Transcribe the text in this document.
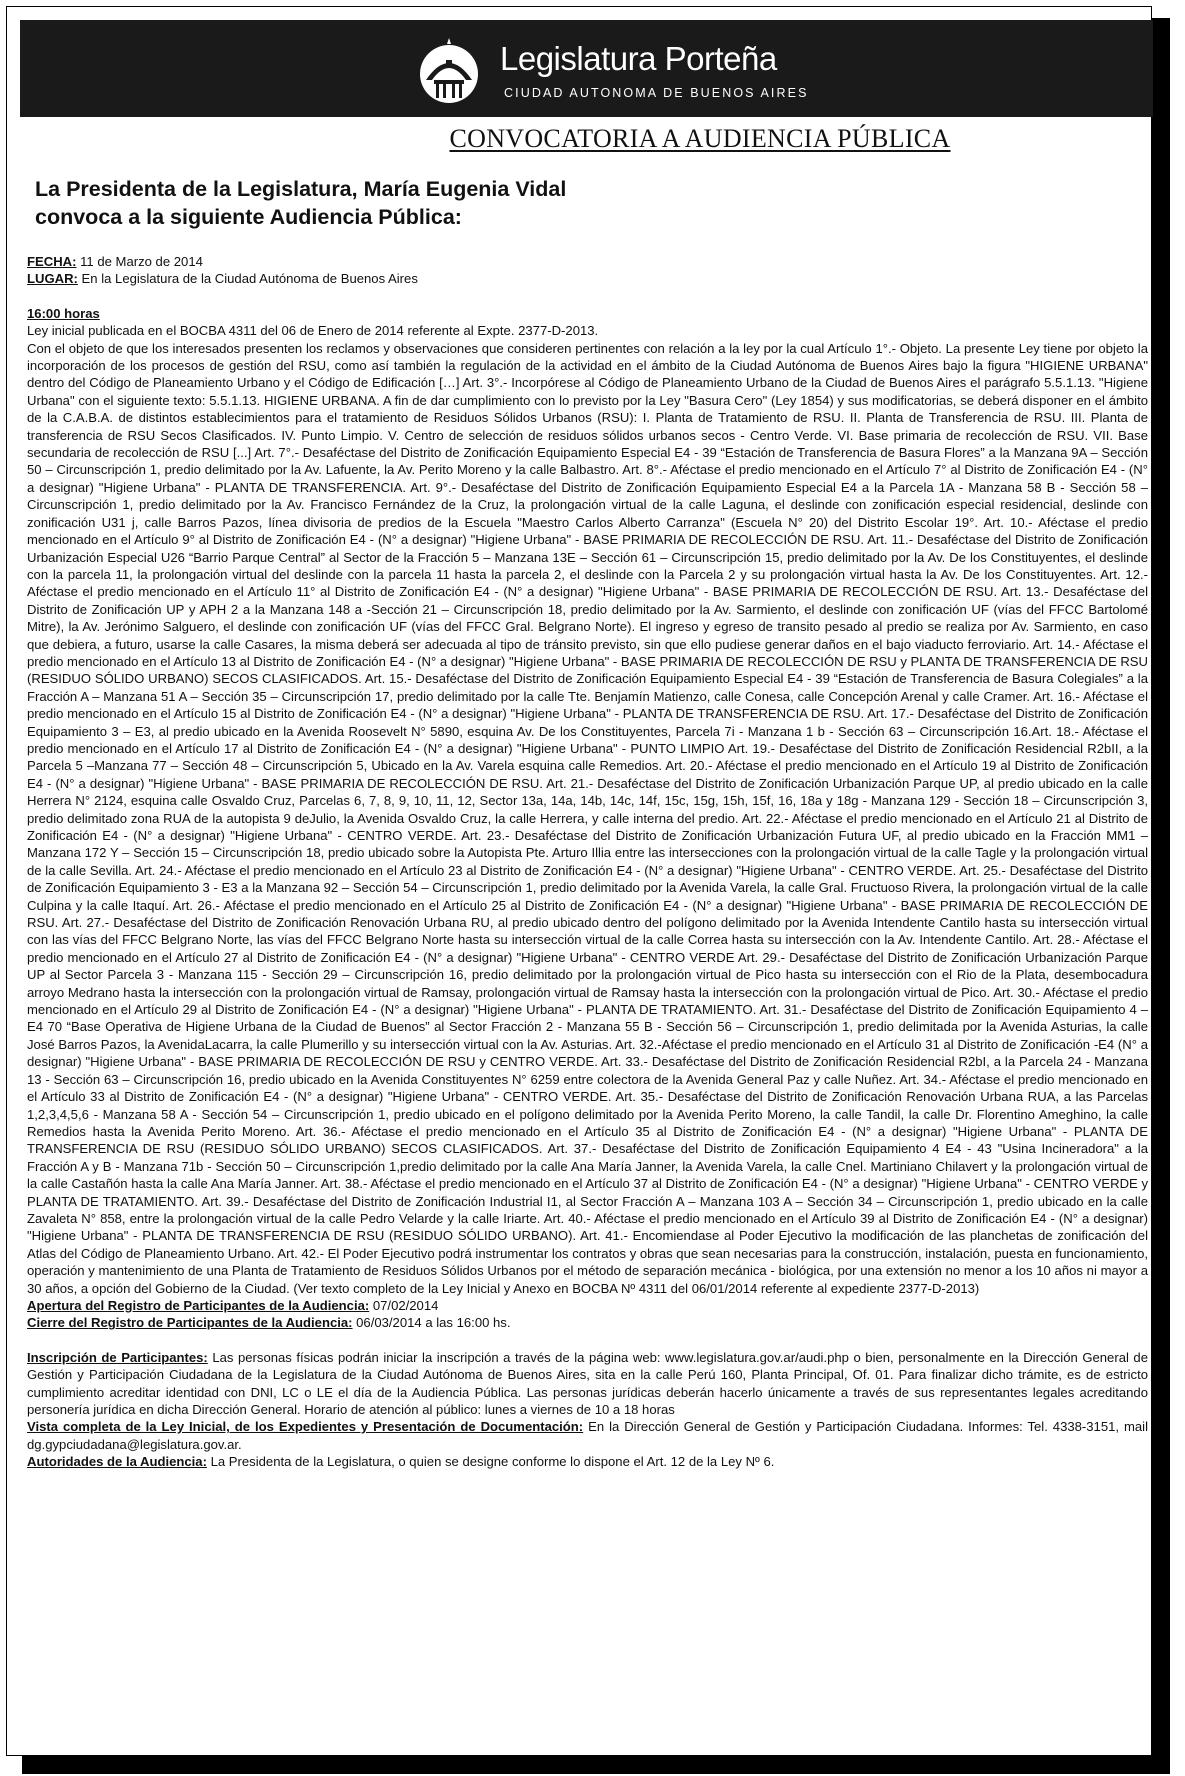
Legislatura Porteña
CIUDAD AUTONOMA DE BUENOS AIRES
CONVOCATORIA A AUDIENCIA PÚBLICA
La Presidenta de la Legislatura, María Eugenia Vidal
convoca a la siguiente Audiencia Pública:

FECHA: 11 de Marzo de 2014

LUGAR: En la Legislatura de la Ciudad Autónoma de Buenos Aires

16:00 horas

Ley inicial publicada en el BOCBA 4311 del 06 de Enero de 2014 referente al Expte. 2377-D-2013.

Con el objeto de que los interesados presenten los reclamos y observaciones que consideren pertinentes con relación a la ley por la cual Artículo 1°.- Objeto. La presente Ley tiene por objeto la incorporación de los procesos de gestión del RSU, como así también la regulación de la actividad en el ámbito de la Ciudad Autónoma de Buenos Aires bajo la figura "HIGIENE URBANA" dentro del Código de Planeamiento Urbano y el Código de Edificación […] Art. 3°.- Incorpórese al Código de Planeamiento Urbano de la Ciudad de Buenos Aires el parágrafo 5.5.1.13. "Higiene Urbana" con el siguiente texto: 5.5.1.13. HIGIENE URBANA. A fin de dar cumplimiento con lo previsto por la Ley "Basura Cero" (Ley 1854) y sus modificatorias, se deberá disponer en el ámbito de la C.A.B.A. de distintos establecimientos para el tratamiento de Residuos Sólidos Urbanos (RSU): I. Planta de Tratamiento de RSU. II. Planta de Transferencia de RSU. III. Planta de transferencia de RSU Secos Clasificados. IV. Punto Limpio. V. Centro de selección de residuos sólidos urbanos secos - Centro Verde. VI. Base primaria de recolección de RSU. VII. Base secundaria de recolección de RSU [...] Art. 7°.- Desaféctase del Distrito de Zonificación Equipamiento Especial E4 - 39 “Estación de Transferencia de Basura Flores” a la Manzana 9A – Sección 50 – Circunscripción 1, predio delimitado por la Av. Lafuente, la Av. Perito Moreno y la calle Balbastro. Art. 8°.- Aféctase el predio mencionado en el Artículo 7° al Distrito de Zonificación E4 - (N° a designar) "Higiene Urbana" - PLANTA DE TRANSFERENCIA. Art. 9°.- Desaféctase del Distrito de Zonificación Equipamiento Especial E4 a la Parcela 1A - Manzana 58 B - Sección 58 – Circunscripción 1, predio delimitado por la Av. Francisco Fernández de la Cruz, la prolongación virtual de la calle Laguna, el deslinde con zonificación especial residencial, deslinde con zonificación U31 j, calle Barros Pazos, línea divisoria de predios de la Escuela "Maestro Carlos Alberto Carranza" (Escuela N° 20) del Distrito Escolar 19°. Art. 10.- Aféctase el predio mencionado en el Artículo 9° al Distrito de Zonificación E4 - (N° a designar) "Higiene Urbana" - BASE PRIMARIA DE RECOLECCIÓN DE RSU. Art. 11.- Desaféctase del Distrito de Zonificación Urbanización Especial U26 “Barrio Parque Central” al Sector de la Fracción 5 – Manzana 13E – Sección 61 – Circunscripción 15, predio delimitado por la Av. De los Constituyentes, el deslinde con la parcela 11, la prolongación virtual del deslinde con la parcela 11 hasta la parcela 2, el deslinde con la Parcela 2 y su prolongación virtual hasta la Av. De los Constituyentes. Art. 12.- Aféctase el predio mencionado en el Artículo 11° al Distrito de Zonificación E4 - (N° a designar) "Higiene Urbana" - BASE PRIMARIA DE RECOLECCIÓN DE RSU. Art. 13.- Desaféctase del Distrito de Zonificación UP y APH 2 a la Manzana 148 a -Sección 21 – Circunscripción 18, predio delimitado por la Av. Sarmiento, el deslinde con zonificación UF (vías del FFCC Bartolomé Mitre), la Av. Jerónimo Salguero, el deslinde con zonificación UF (vías del FFCC Gral. Belgrano Norte). El ingreso y egreso de transito pesado al predio se realiza por Av. Sarmiento, en caso que debiera, a futuro, usarse la calle Casares, la misma deberá ser adecuada al tipo de tránsito previsto, sin que ello pudiese generar daños en el bajo viaducto ferroviario. Art. 14.- Aféctase el predio mencionado en el Artículo 13 al Distrito de Zonificación E4 - (N° a designar) "Higiene Urbana" - BASE PRIMARIA DE RECOLECCIÓN DE RSU y PLANTA DE TRANSFERENCIA DE RSU (RESIDUO SÓLIDO URBANO) SECOS CLASIFICADOS. Art. 15.- Desaféctase del Distrito de Zonificación Equipamiento Especial E4 - 39 “Estación de Transferencia de Basura Colegiales” a la Fracción A – Manzana 51 A – Sección 35 – Circunscripción 17, predio delimitado por la calle Tte. Benjamín Matienzo, calle Conesa, calle Concepción Arenal y calle Cramer. Art. 16.- Aféctase el predio mencionado en el Artículo 15 al Distrito de Zonificación E4 - (N° a designar) "Higiene Urbana" - PLANTA DE TRANSFERENCIA DE RSU. Art. 17.- Desaféctase del Distrito de Zonificación Equipamiento 3 – E3, al predio ubicado en la Avenida Roosevelt N° 5890, esquina Av. De los Constituyentes, Parcela 7i - Manzana 1 b - Sección 63 – Circunscripción 16.Art. 18.- Aféctase el predio mencionado en el Artículo 17 al Distrito de Zonificación E4 - (N° a designar) "Higiene Urbana" - PUNTO LIMPIO Art. 19.- Desaféctase del Distrito de Zonificación Residencial R2bII, a la Parcela 5 –Manzana 77 – Sección 48 – Circunscripción 5, Ubicado en la Av. Varela esquina calle Remedios. Art. 20.- Aféctase el predio mencionado en el Artículo 19 al Distrito de Zonificación E4 - (N° a designar) "Higiene Urbana" - BASE PRIMARIA DE RECOLECCIÓN DE RSU. Art. 21.- Desaféctase del Distrito de Zonificación Urbanización Parque UP, al predio ubicado en la calle Herrera N° 2124, esquina calle Osvaldo Cruz, Parcelas 6, 7, 8, 9, 10, 11, 12, Sector 13a, 14a, 14b, 14c, 14f, 15c, 15g, 15h, 15f, 16, 18a y 18g - Manzana 129 - Sección 18 – Circunscripción 3, predio delimitado zona RUA de la autopista 9 deJulio, la Avenida Osvaldo Cruz, la calle Herrera, y calle interna del predio. Art. 22.- Aféctase el predio mencionado en el Artículo 21 al Distrito de Zonificación E4 - (N° a designar) "Higiene Urbana" - CENTRO VERDE. Art. 23.- Desaféctase del Distrito de Zonificación Urbanización Futura UF, al predio ubicado en la Fracción MM1 – Manzana 172 Y – Sección 15 – Circunscripción 18, predio ubicado sobre la Autopista Pte. Arturo Illia entre las intersecciones con la prolongación virtual de la calle Tagle y la prolongación virtual de la calle Sevilla. Art. 24.- Aféctase el predio mencionado en el Artículo 23 al Distrito de Zonificación E4 - (N° a designar) "Higiene Urbana" - CENTRO VERDE. Art. 25.- Desaféctase del Distrito de Zonificación Equipamiento 3 - E3 a la Manzana 92 – Sección 54 – Circunscripción 1, predio delimitado por la Avenida Varela, la calle Gral. Fructuoso Rivera, la prolongación virtual de la calle Culpina y la calle Itaquí. Art. 26.- Aféctase el predio mencionado en el Artículo 25 al Distrito de Zonificación E4 - (N° a designar) "Higiene Urbana" - BASE PRIMARIA DE RECOLECCIÓN DE RSU. Art. 27.- Desaféctase del Distrito de Zonificación Renovación Urbana RU, al predio ubicado dentro del polígono delimitado por la Avenida Intendente Cantilo hasta su intersección virtual con las vías del FFCC Belgrano Norte, las vías del FFCC Belgrano Norte hasta su intersección virtual de la calle Correa hasta su intersección con la Av. Intendente Cantilo. Art. 28.- Aféctase el predio mencionado en el Artículo 27 al Distrito de Zonificación E4 - (N° a designar) "Higiene Urbana" - CENTRO VERDE Art. 29.- Desaféctase del Distrito de Zonificación Urbanización Parque UP al Sector Parcela 3 - Manzana 115 - Sección 29 – Circunscripción 16, predio delimitado por la prolongación virtual de Pico hasta su intersección con el Rio de la Plata, desembocadura arroyo Medrano hasta la intersección con la prolongación virtual de Ramsay, prolongación virtual de Ramsay hasta la intersección con la prolongación virtual de Pico. Art. 30.- Aféctase el predio mencionado en el Artículo 29 al Distrito de Zonificación E4 - (N° a designar) "Higiene Urbana" - PLANTA DE TRATAMIENTO. Art. 31.- Desaféctase del Distrito de Zonificación Equipamiento 4 – E4 70 “Base Operativa de Higiene Urbana de la Ciudad de Buenos” al Sector Fracción 2 - Manzana 55 B - Sección 56 – Circunscripción 1, predio delimitada por la Avenida Asturias, la calle José Barros Pazos, la AvenidaLacarra, la calle Plumerillo y su intersección virtual con la Av. Asturias. Art. 32.-Aféctase el predio mencionado en el Artículo 31 al Distrito de Zonificación -E4 (N° a designar) "Higiene Urbana" - BASE PRIMARIA DE RECOLECCIÓN DE RSU y CENTRO VERDE. Art. 33.- Desaféctase del Distrito de Zonificación Residencial R2bI, a la Parcela 24 - Manzana 13 - Sección 63 – Circunscripción 16, predio ubicado en la Avenida Constituyentes N° 6259 entre colectora de la Avenida General Paz y calle Nuñez. Art. 34.- Aféctase el predio mencionado en el Artículo 33 al Distrito de Zonificación E4 - (N° a designar) "Higiene Urbana" - CENTRO VERDE. Art. 35.- Desaféctase del Distrito de Zonificación Renovación Urbana RUA, a las Parcelas 1,2,3,4,5,6 - Manzana 58 A - Sección 54 – Circunscripción 1, predio ubicado en el polígono delimitado por la Avenida Perito Moreno, la calle Tandil, la calle Dr. Florentino Ameghino, la calle Remedios hasta la Avenida Perito Moreno. Art. 36.- Aféctase el predio mencionado en el Artículo 35 al Distrito de Zonificación E4 - (N° a designar) "Higiene Urbana" - PLANTA DE TRANSFERENCIA DE RSU (RESIDUO SÓLIDO URBANO) SECOS CLASIFICADOS. Art. 37.- Desaféctase del Distrito de Zonificación Equipamiento 4 E4 - 43 "Usina Incineradora" a la Fracción A y B - Manzana 71b - Sección 50 – Circunscripción 1,predio delimitado por la calle Ana María Janner, la Avenida Varela, la calle Cnel. Martiniano Chilavert y la prolongación virtual de la calle Castañón hasta la calle Ana María Janner. Art. 38.- Aféctase el predio mencionado en el Artículo 37 al Distrito de Zonificación E4 - (N° a designar) "Higiene Urbana" - CENTRO VERDE y PLANTA DE TRATAMIENTO. Art. 39.- Desaféctase del Distrito de Zonificación Industrial I1, al Sector Fracción A – Manzana 103 A – Sección 34 – Circunscripción 1, predio ubicado en la calle Zavaleta N° 858, entre la prolongación virtual de la calle Pedro Velarde y la calle Iriarte. Art. 40.- Aféctase el predio mencionado en el Artículo 39 al Distrito de Zonificación E4 - (N° a designar) "Higiene Urbana" - PLANTA DE TRANSFERENCIA DE RSU (RESIDUO SÓLIDO URBANO). Art. 41.- Encomiendase al Poder Ejecutivo la modificación de las planchetas de zonificación del Atlas del Código de Planeamiento Urbano. Art. 42.- El Poder Ejecutivo podrá instrumentar los contratos y obras que sean necesarias para la construcción, instalación, puesta en funcionamiento, operación y mantenimiento de una Planta de Tratamiento de Residuos Sólidos Urbanos por el método de separación mecánica - biológica, por una extensión no menor a los 10 años ni mayor a 30 años, a opción del Gobierno de la Ciudad. (Ver texto completo de la Ley Inicial y Anexo en BOCBA Nº 4311 del 06/01/2014 referente al expediente 2377-D-2013)

Apertura del Registro de Participantes de la Audiencia: 07/02/2014

Cierre del Registro de Participantes de la Audiencia: 06/03/2014 a las 16:00 hs.

Inscripción de Participantes: Las personas físicas podrán iniciar la inscripción a través de la página web: www.legislatura.gov.ar/audi.php o bien, personalmente en la Dirección General de Gestión y Participación Ciudadana de la Legislatura de la Ciudad Autónoma de Buenos Aires, sita en la calle Perú 160, Planta Principal, Of. 01. Para finalizar dicho trámite, es de estricto cumplimiento acreditar identidad con DNI, LC o LE el día de la Audiencia Pública. Las personas jurídicas deberán hacerlo únicamente a través de sus representantes legales acreditando personería jurídica en dicha Dirección General. Horario de atención al público: lunes a viernes de 10 a 18 horas

Vista completa de la Ley Inicial, de los Expedientes y Presentación de Documentación: En la Dirección General de Gestión y Participación Ciudadana. Informes: Tel. 4338-3151, mail dg.gypciudadana@legislatura.gov.ar.

Autoridades de la Audiencia: La Presidenta de la Legislatura, o quien se designe conforme lo dispone el Art. 12 de la Ley Nº 6.
